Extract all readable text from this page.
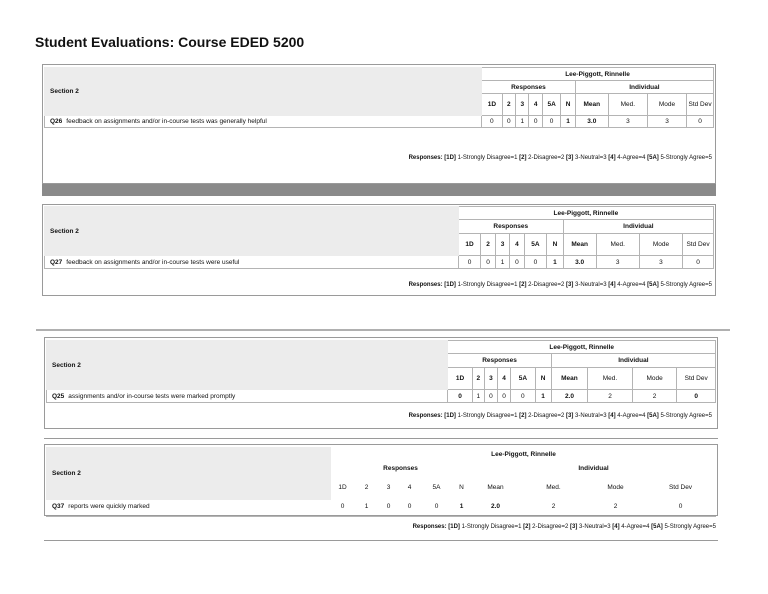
Student Evaluations: Course EDED 5200
Section 2	Lee-Piggott, Rinnelle									
	Responses						Individual			
	1D	2	3	4	5A	N	Mean	Med.	Mode	Std Dev
Q26 feedback on assignments and/or in-course tests was generally helpful	0	0	1	0	0	1	3.0	3	3	0
Responses: [1D] 1-Strongly Disagree=1 [2] 2-Disagree=2 [3] 3-Neutral=3 [4] 4-Agree=4 [5A] 5-Strongly Agree=5
Section 2	Lee-Piggott, Rinnelle									
	Responses						Individual			
	1D	2	3	4	5A	N	Mean	Med.	Mode	Std Dev
Q27 feedback on assignments and/or in-course tests were useful	0	0	1	0	0	1	3.0	3	3	0
Responses: [1D] 1-Strongly Disagree=1 [2] 2-Disagree=2 [3] 3-Neutral=3 [4] 4-Agree=4 [5A] 5-Strongly Agree=5
Section 2	Lee-Piggott, Rinnelle									
	Responses						Individual			
	1D	2	3	4	5A	N	Mean	Med.	Mode	Std Dev
Q25 assignments and/or in-course tests were marked promptly	0	1	0	0	0	1	2.0	2	2	0
Responses: [1D] 1-Strongly Disagree=1 [2] 2-Disagree=2 [3] 3-Neutral=3 [4] 4-Agree=4 [5A] 5-Strongly Agree=5
Section 2	Lee-Piggott, Rinnelle									
	Responses						Individual			
	1D	2	3	4	5A	N	Mean	Med.	Mode	Std Dev
Q37 reports were quickly marked	0	1	0	0	0	1	2.0	2	2	0
Responses: [1D] 1-Strongly Disagree=1 [2] 2-Disagree=2 [3] 3-Neutral=3 [4] 4-Agree=4 [5A] 5-Strongly Agree=5
